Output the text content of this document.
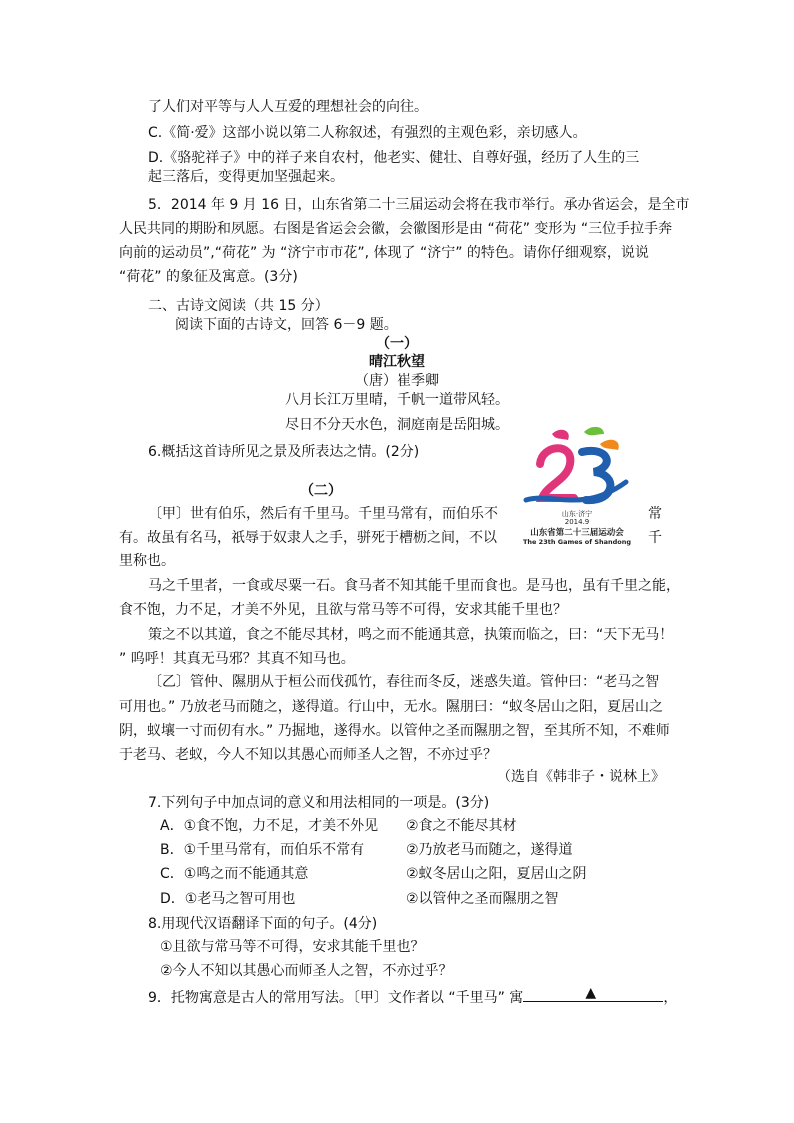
了人们对平等与人人互爱的理想社会的向往。
C.《简·爱》这部小说以第二人称叙述，有强烈的主观色彩，亲切感人。
D.《骆驼祥子》中的祥子来自农村，他老实、健壮、自尊好强，经历了人生的三
起三落后，变得更加坚强起来。
5．2014 年 9 月 16 日，山东省第二十三届运动会将在我市举行。承办省运会，是全市
人民共同的期盼和夙愿。右图是省运会会徽，会徽图形是由 “荷花” 变形为 “三位手拉手奔
向前的运动员”,“荷花” 为 “济宁市市花”, 体现了 “济宁” 的特色。请你仔细观察，说说
“荷花” 的象征及寓意。(3分)
二、古诗文阅读（共 15 分）
阅读下面的古诗文，回答 6－9 题。
（一）
晴江秋望
（唐）崔季卿
八月长江万里晴，千帆一道带风轻。
尽日不分天水色，洞庭南是岳阳城。
6.概括这首诗所见之景及所表达之情。(2分)
（二）
山东·济宁
2014.9
山东省第二十三届运动会
The 23th Games of Shandong
〔甲〕世有伯乐，然后有千里马。千里马常有，而伯乐不	常
有。故虽有名马，祇辱于奴隶人之手，骈死于槽枥之间，不以	千
里称也。
马之千里者，一食或尽粟一石。食马者不知其能千里而食也。是马也，虽有千里之能，
食不饱，力不足，才美不外见，且欲与常马等不可得，安求其能千里也？
策之不以其道，食之不能尽其材，鸣之而不能通其意，执策而临之，曰：“天下无马！
” 呜呼！其真无马邪？其真不知马也。
〔乙〕管仲、隰朋从于桓公而伐孤竹，春往而冬反，迷惑失道。管仲曰：“老马之智
可用也。” 乃放老马而随之，遂得道。行山中，无水。隰朋曰：“蚁冬居山之阳，夏居山之
阴，蚁壤一寸而仞有水。” 乃掘地，遂得水。以管仲之圣而隰朋之智，至其所不知，不难师
于老马、老蚁，今人不知以其愚心而师圣人之智，不亦过乎？
（选自《韩非子・说林上》
7.下列句子中加点词的意义和用法相同的一项是。(3分)
A．①食不饱，力不足，才美不外见 ②食之不能尽其材
B．①千里马常有，而伯乐不常有	②乃放老马而随之，遂得道
C．①鸣之而不能通其意	②蚁冬居山之阳，夏居山之阴
D．①老马之智可用也	②以管仲之圣而隰朋之智
8.用现代汉语翻译下面的句子。(4分)
①且欲与常马等不可得，安求其能千里也？
②今人不知以其愚心而师圣人之智，不亦过乎？
9．托物寓意是古人的常用写法。〔甲〕文作者以 “千里马” 寓	▲	，
